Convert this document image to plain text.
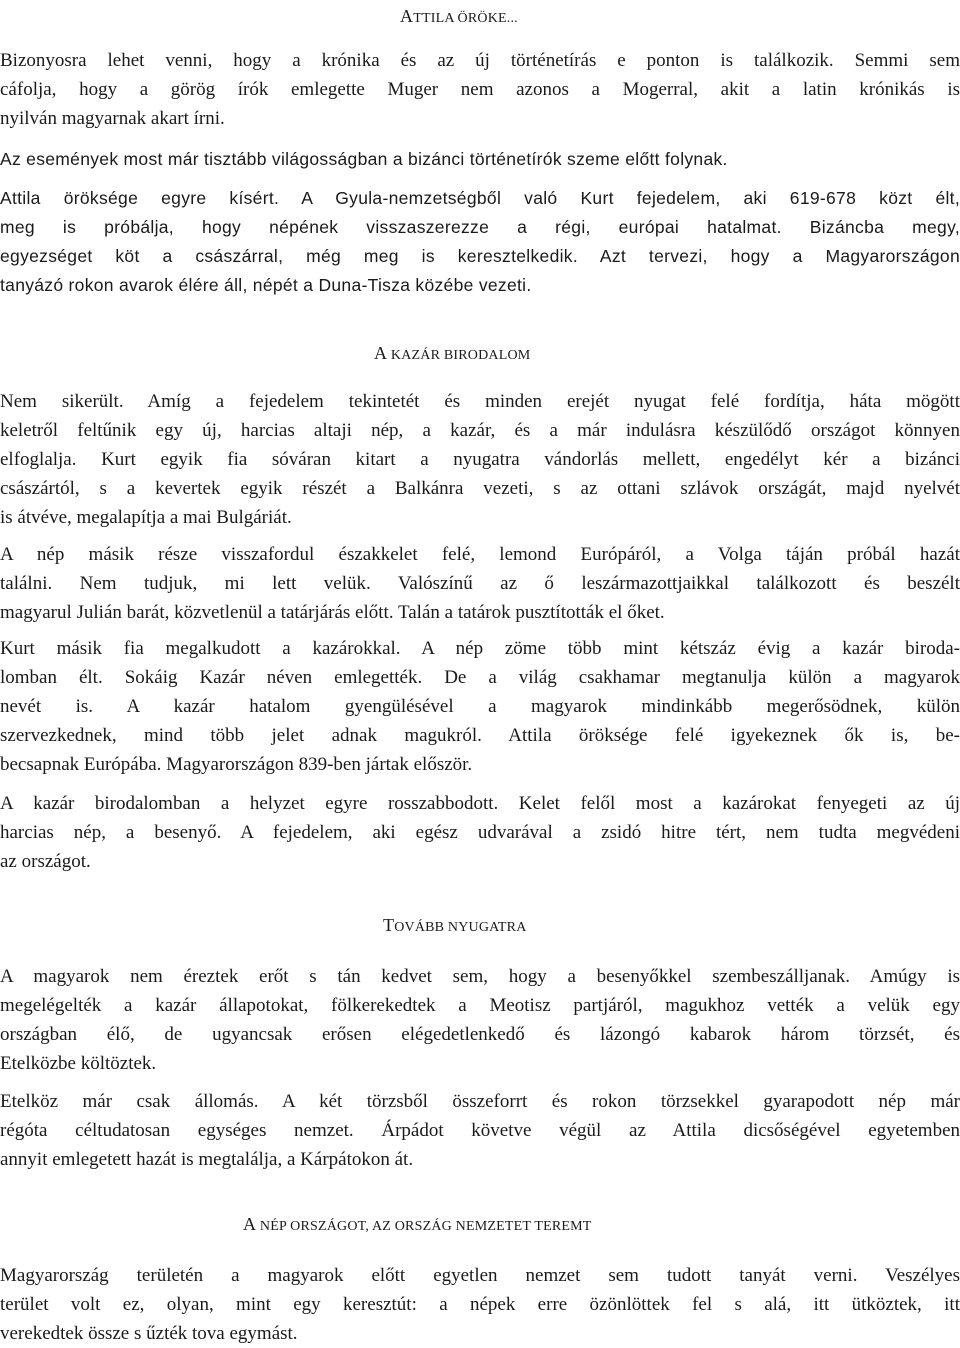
ATTILA ÖRÖKE...
Bizonyosra lehet venni, hogy a krónika és az új történetírás e ponton is találkozik. Semmi sem
cáfolja, hogy a görög írók emlegette Muger nem azonos a Mogerral, akit a latin krónikás is
nyilván magyarnak akart írni.
Az események most már tisztább világosságban a bizánci történetírók szeme előtt folynak.
Attila öröksége egyre kísért. A Gyula-nemzetségből való Kurt fejedelem, aki 619-678 közt élt,
meg is próbálja, hogy népének visszaszerezze a régi, európai hatalmat. Bizáncba megy,
egyezséget köt a császárral, még meg is keresztelkedik. Azt tervezi, hogy a Magyarországon
tanyázó rokon avarok élére áll, népét a Duna-Tisza közébe vezeti.
A KAZÁR BIRODALOM
Nem sikerült. Amíg a fejedelem tekintetét és minden erejét nyugat felé fordítja, háta mögött
keletről feltűnik egy új, harcias altaji nép, a kazár, és a már indulásra készülődő országot könnyen
elfoglalja. Kurt egyik fia sóváran kitart a nyugatra vándorlás mellett, engedélyt kér a bizánci
császártól, s a kevertek egyik részét a Balkánra vezeti, s az ottani szlávok országát, majd nyelvét
is átvéve, megalapítja a mai Bulgáriát.
A nép másik része visszafordul északkelet felé, lemond Európáról, a Volga táján próbál hazát
találni. Nem tudjuk, mi lett velük. Valószínű az ő leszármazottjaikkal találkozott és beszélt
magyarul Julián barát, közvetlenül a tatárjárás előtt. Talán a tatárok pusztították el őket.
Kurt másik fia megalkudott a kazárokkal. A nép zöme több mint kétszáz évig a kazár biroda-
lomban élt. Sokáig Kazár néven emlegették. De a világ csakhamar megtanulja külön a magyarok
nevét is. A kazár hatalom gyengülésével a magyarok mindinkább megerősödnek, külön
szervezkednek, mind több jelet adnak magukról. Attila öröksége felé igyekeznek ők is, be-
becsapnak Európába. Magyarországon 839-ben jártak először.
A kazár birodalomban a helyzet egyre rosszabbodott. Kelet felől most a kazárokat fenyegeti az új
harcias nép, a besenyő. A fejedelem, aki egész udvarával a zsidó hitre tért, nem tudta megvédeni
az országot.
TOVÁBB NYUGATRA
A magyarok nem éreztek erőt s tán kedvet sem, hogy a besenyőkkel szembeszálljanak. Amúgy is
megelégelték a kazár állapotokat, fölkerekedtek a Meotisz partjáról, magukhoz vették a velük egy
országban élő, de ugyancsak erősen elégedetlenkedő és lázongó kabarok három törzsét, és
Etelközbe költöztek.
Etelköz már csak állomás. A két törzsből összeforrt és rokon törzsekkel gyarapodott nép már
régóta céltudatosan egységes nemzet. Árpádot követve végül az Attila dicsőségével egyetemben
annyit emlegetett hazát is megtalálja, a Kárpátokon át.
A NÉP ORSZÁGOT, AZ ORSZÁG NEMZETET TEREMT
Magyarország területén a magyarok előtt egyetlen nemzet sem tudott tanyát verni. Veszélyes
terület volt ez, olyan, mint egy keresztút: a népek erre özönlöttek fel s alá, itt ütköztek, itt
verekedtek össze s űzték tova egymást.
